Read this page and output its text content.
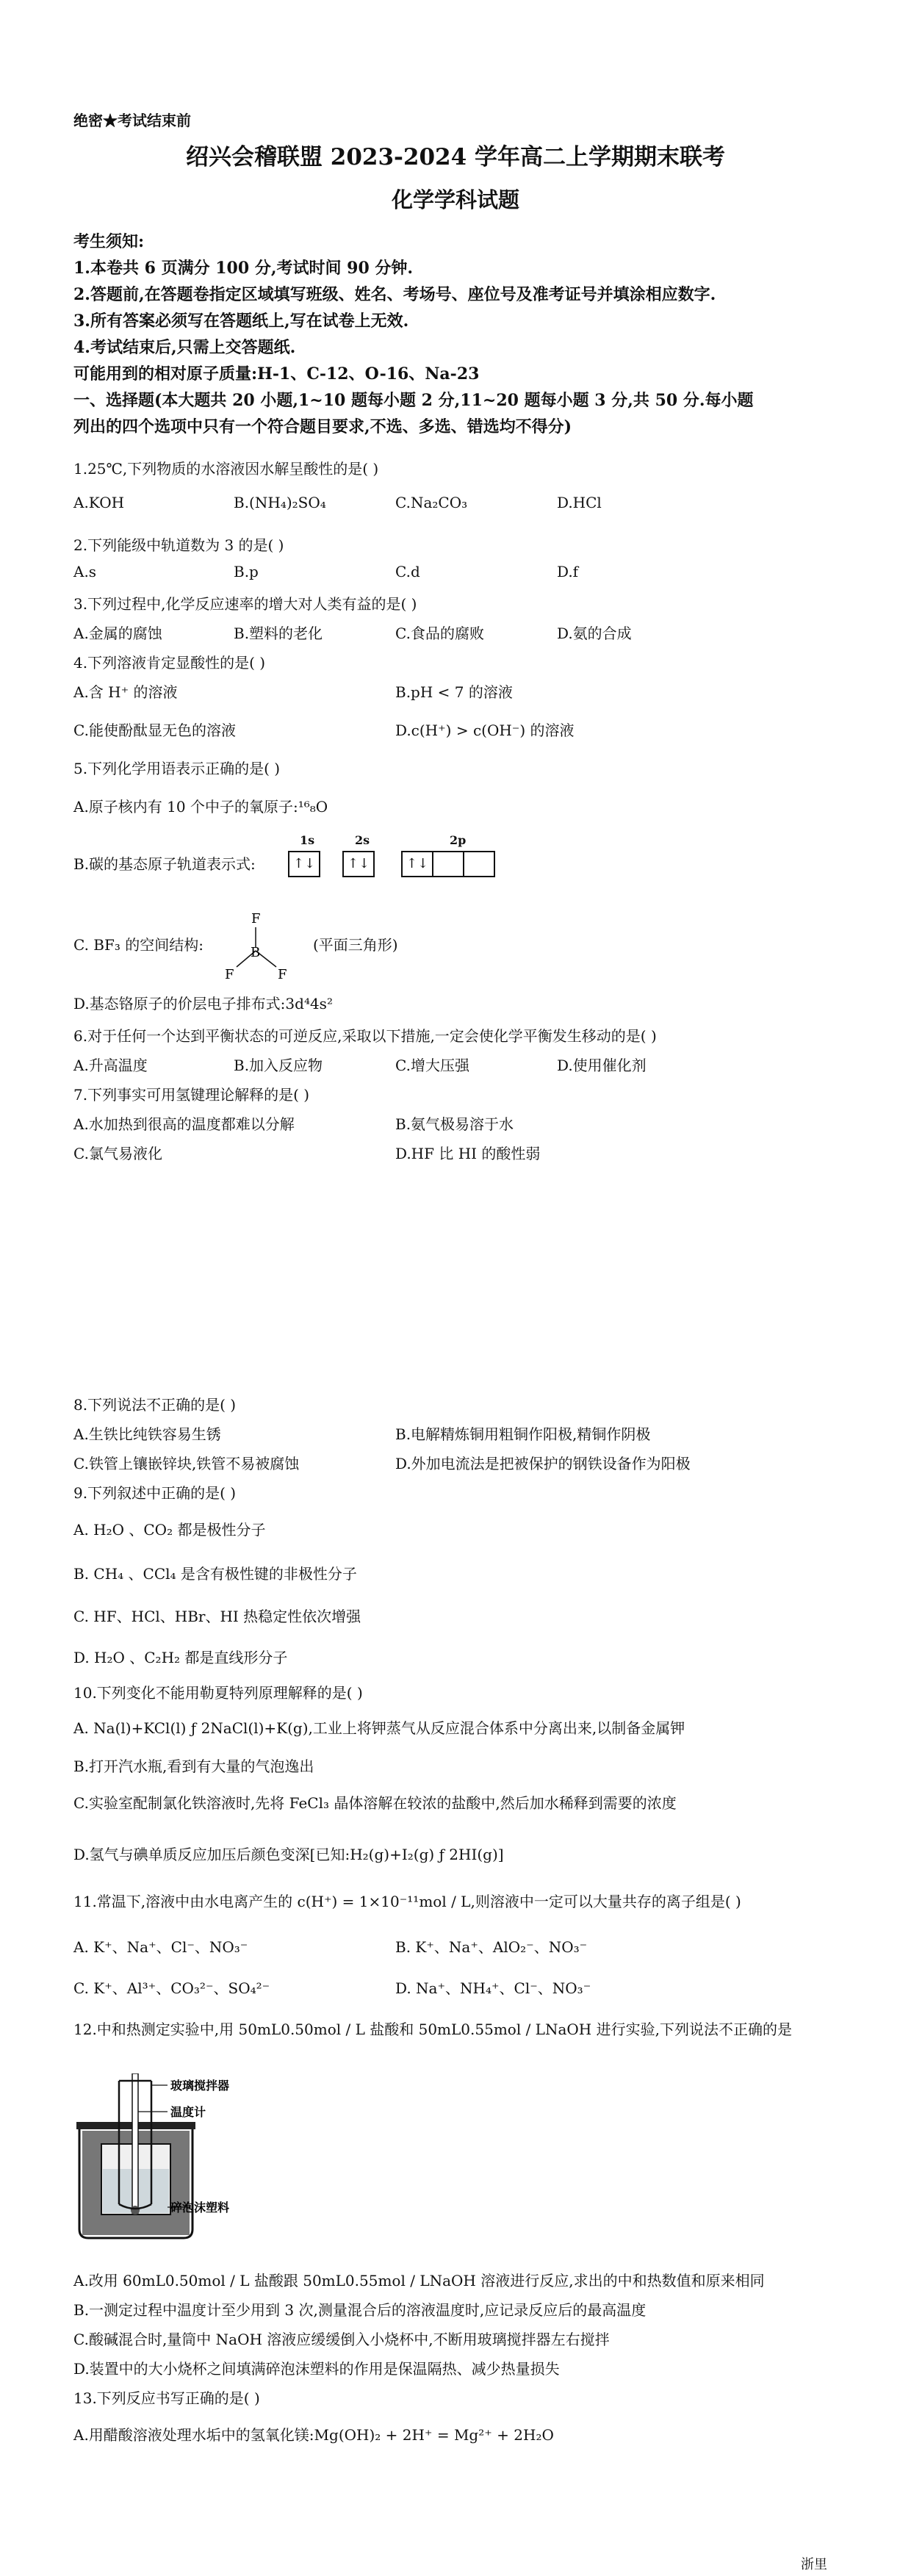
绝密★考试结束前
绍兴会稽联盟 2023-2024 学年高二上学期期末联考
化学学科试题
考生须知:
1.本卷共 6 页满分 100 分,考试时间 90 分钟.
2.答题前,在答题卷指定区域填写班级、姓名、考场号、座位号及准考证号并填涂相应数字.
3.所有答案必须写在答题纸上,写在试卷上无效.
4.考试结束后,只需上交答题纸.
可能用到的相对原子质量:H-1、C-12、O-16、Na-23
一、选择题(本大题共 20 小题,1~10 题每小题 2 分,11~20 题每小题 3 分,共 50 分.每小题
列出的四个选项中只有一个符合题目要求,不选、多选、错选均不得分)
1.25℃,下列物质的水溶液因水解呈酸性的是( )
A.KOH	B.(NH₄)₂SO₄	C.Na₂CO₃	D.HCl
2.下列能级中轨道数为 3 的是( )
A.s	B.p	C.d	D.f
3.下列过程中,化学反应速率的增大对人类有益的是( )
A.金属的腐蚀	B.塑料的老化	C.食品的腐败	D.氨的合成
4.下列溶液肯定显酸性的是( )
A.含 H⁺ 的溶液	B.pH < 7 的溶液
C.能使酚酞显无色的溶液	D.c(H⁺) > c(OH⁻) 的溶液
5.下列化学用语表示正确的是( )
A.原子核内有 10 个中子的氧原子:¹⁶₈O
B.碳的基态原子轨道表示式:
1s	2s	2p
↑↓	↑↓	↑↓
C. BF₃ 的空间结构:
F
B
F	F
(平面三角形)
D.基态铬原子的价层电子排布式:3d⁴4s²
6.对于任何一个达到平衡状态的可逆反应,采取以下措施,一定会使化学平衡发生移动的是( )
A.升高温度	B.加入反应物	C.增大压强	D.使用催化剂
7.下列事实可用氢键理论解释的是( )
A.水加热到很高的温度都难以分解	B.氨气极易溶于水
C.氯气易液化	D.HF 比 HI 的酸性弱
8.下列说法不正确的是( )
A.生铁比纯铁容易生锈	B.电解精炼铜用粗铜作阳极,精铜作阴极
C.铁管上镶嵌锌块,铁管不易被腐蚀	D.外加电流法是把被保护的钢铁设备作为阳极
9.下列叙述中正确的是( )
A. H₂O 、CO₂ 都是极性分子
B. CH₄ 、CCl₄ 是含有极性键的非极性分子
C. HF、HCl、HBr、HI 热稳定性依次增强
D. H₂O 、C₂H₂ 都是直线形分子
10.下列变化不能用勒夏特列原理解释的是( )
A. Na(l)+KCl(l) ƒ 2NaCl(l)+K(g),工业上将钾蒸气从反应混合体系中分离出来,以制备金属钾
B.打开汽水瓶,看到有大量的气泡逸出
C.实验室配制氯化铁溶液时,先将 FeCl₃ 晶体溶解在较浓的盐酸中,然后加水稀释到需要的浓度
D.氢气与碘单质反应加压后颜色变深[已知:H₂(g)+I₂(g) ƒ 2HI(g)]
11.常温下,溶液中由水电离产生的 c(H⁺) = 1×10⁻¹¹mol / L,则溶液中一定可以大量共存的离子组是( )
A. K⁺、Na⁺、Cl⁻、NO₃⁻	B. K⁺、Na⁺、AlO₂⁻、NO₃⁻
C. K⁺、Al³⁺、CO₃²⁻、SO₄²⁻	D. Na⁺、NH₄⁺、Cl⁻、NO₃⁻
12.中和热测定实验中,用 50mL0.50mol / L 盐酸和 50mL0.55mol / LNaOH 进行实验,下列说法不正确的是
玻璃搅拌器
温度计
碎泡沫塑料
A.改用 60mL0.50mol / L 盐酸跟 50mL0.55mol / LNaOH 溶液进行反应,求出的中和热数值和原来相同
B.一测定过程中温度计至少用到 3 次,测量混合后的溶液温度时,应记录反应后的最高温度
C.酸碱混合时,量筒中 NaOH 溶液应缓缓倒入小烧杯中,不断用玻璃搅拌器左右搅拌
D.装置中的大小烧杯之间填满碎泡沫塑料的作用是保温隔热、减少热量损失
13.下列反应书写正确的是( )
A.用醋酸溶液处理水垢中的氢氧化镁:Mg(OH)₂ + 2H⁺ = Mg²⁺ + 2H₂O
浙里
